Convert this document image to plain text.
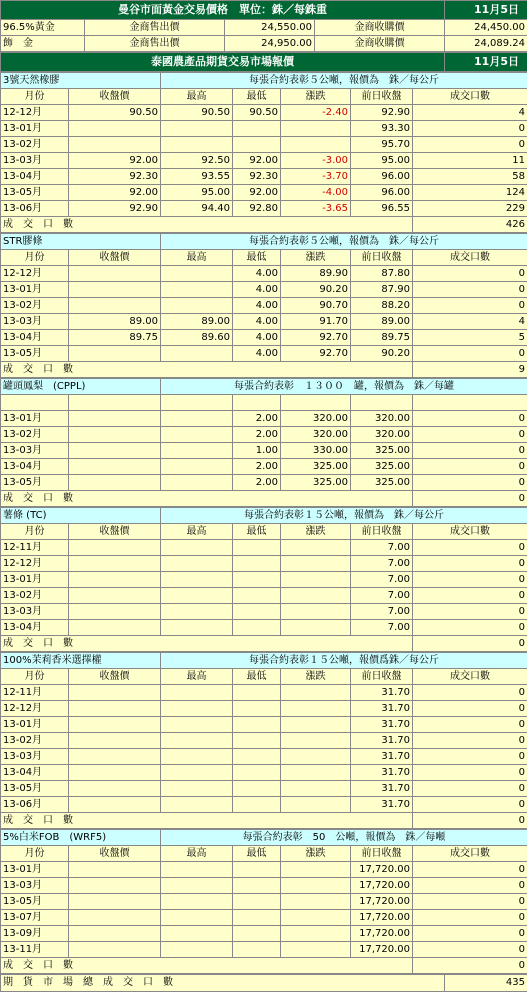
曼谷市面黃金交易價格　單位：銖／每銖重				11月5日
96.5%黃金	金商售出價	24,550.00	金商收購價	24,450.00
飾　金	金商售出價	24,950.00	金商收購價	24,089.24
泰國農產品期貨交易市場報價	11月5日
3號天然橡膠		每張合約表彰５公噸，報價為　銖／每公斤				
月份	收盤價	最高	最低	漲跌	前日收盤	成交口數
12-12月	90.50	90.50	90.50	-2.40	92.90	4
13-01月					93.30	0
13-02月					95.70	0
13-03月	92.00	92.50	92.00	-3.00	95.00	11
13-04月	92.30	93.55	92.30	-3.70	96.00	58
13-05月	92.00	95.00	92.00	-4.00	96.00	124
13-06月	92.90	94.40	92.80	-3.65	96.55	229
成　交　口　數						426
STR膠條		每張合約表彰５公噸，報價為　銖／每公斤				
月份	收盤價	最高	最低	漲跌	前日收盤	成交口數
12-12月			4.00	89.90	87.80	0
13-01月			4.00	90.20	87.90	0
13-02月			4.00	90.70	88.20	0
13-03月	89.00	89.00	4.00	91.70	89.00	4
13-04月	89.75	89.60	4.00	92.70	89.75	5
13-05月			4.00	92.70	90.20	0
成　交　口　數						9
罐頭鳳梨　(CPPL)		每張合約表彰　１３００　罐，報價為　銖／每罐				

13-01月			2.00	320.00	320.00	0
13-02月			2.00	320.00	320.00	0
13-03月			1.00	330.00	325.00	0
13-04月			2.00	325.00	325.00	0
13-05月			2.00	325.00	325.00	0
成　交　口　數						0
薯條 (TC)		每張合約表彰１５公噸，報價為　銖／每公斤				
月份	收盤價	最高	最低	漲跌	前日收盤	成交口數
12-11月					7.00	0
12-12月					7.00	0
13-01月					7.00	0
13-02月					7.00	0
13-03月					7.00	0
13-04月					7.00	0
成　交　口　數						0
100%茉莉香米選擇權		每張合約表彰１５公噸，報價爲銖／每公斤				
月份	收盤價	最高	最低	漲跌	前日收盤	成交口數
12-11月					31.70	0
12-12月					31.70	0
13-01月					31.70	0
13-02月					31.70	0
13-03月					31.70	0
13-04月					31.70	0
13-05月					31.70	0
13-06月					31.70	0
成　交　口　數						0
5%白米FOB　(WRF5)		每張合約表彰　50　公噸，報價為　銖／每噸				
月份	收盤價	最高	最低	漲跌	前日收盤	成交口數
13-01月					17,720.00	0
13-03月					17,720.00	0
13-05月					17,720.00	0
13-07月					17,720.00	0
13-09月					17,720.00	0
13-11月					17,720.00	0
成　交　口　數						0
期　貨　市　場　總　成　交　口　數	435
